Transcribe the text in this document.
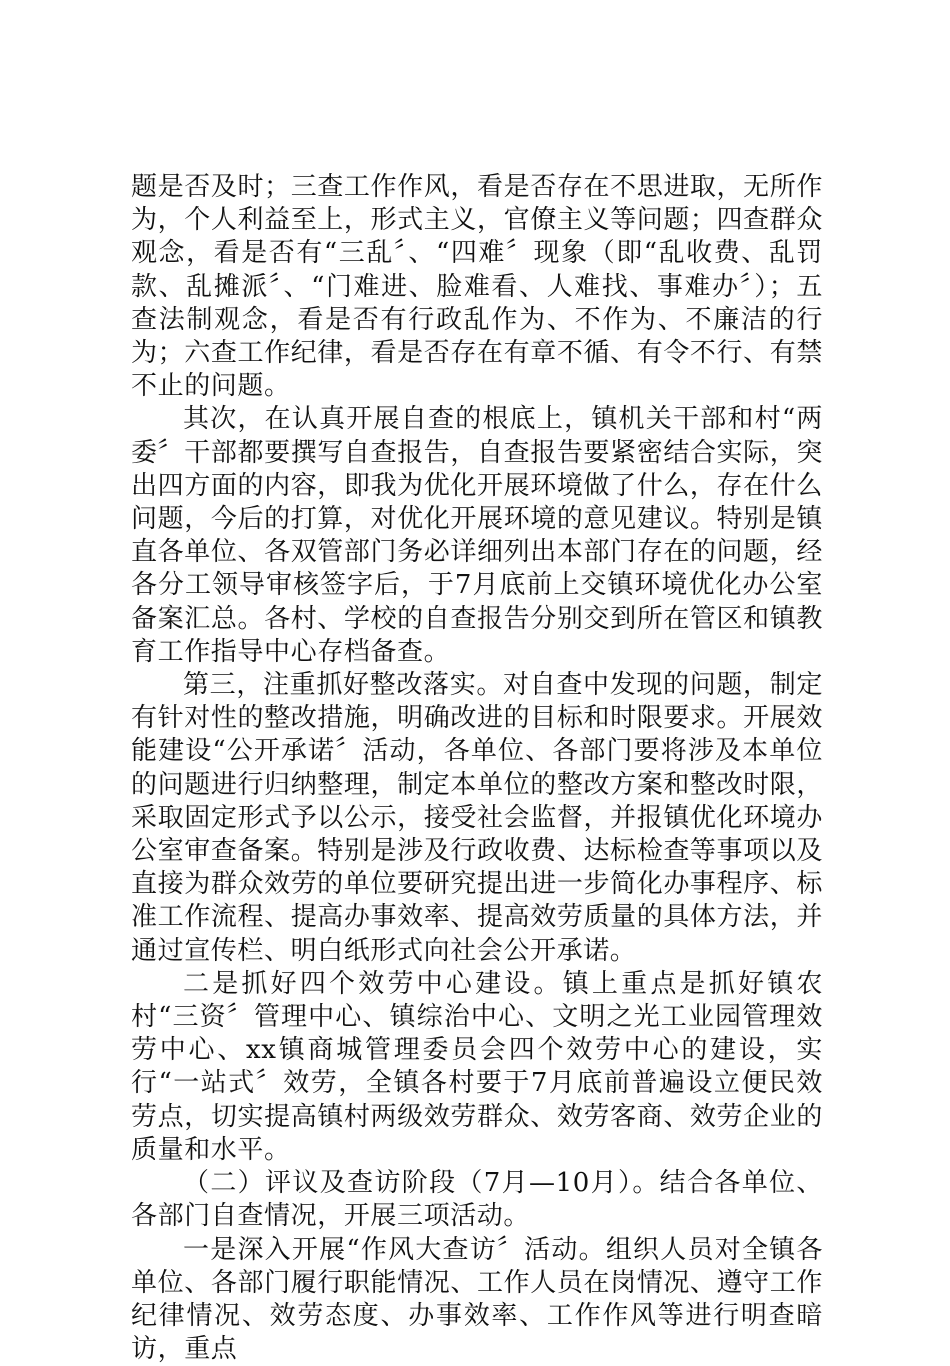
题是否及时；三查工作作风，看是否存在不思进取，无所作为，个人利益至上，形式主义，官僚主义等问题；四查群众观念，看是否有“三乱〞、“四难〞现象（即“乱收费、乱罚款、乱摊派〞、“门难进、脸难看、人难找、事难办〞）；五查法制观念，看是否有行政乱作为、不作为、不廉洁的行为；六查工作纪律，看是否存在有章不循、有令不行、有禁不止的问题。

其次，在认真开展自查的根底上，镇机关干部和村“两委〞干部都要撰写自查报告，自查报告要紧密结合实际，突出四方面的内容，即我为优化开展环境做了什么，存在什么问题，今后的打算，对优化开展环境的意见建议。特别是镇直各单位、各双管部门务必详细列出本部门存在的问题，经各分工领导审核签字后，于7月底前上交镇环境优化办公室备案汇总。各村、学校的自查报告分别交到所在管区和镇教育工作指导中心存档备查。

第三，注重抓好整改落实。对自查中发现的问题，制定有针对性的整改措施，明确改进的目标和时限要求。开展效能建设“公开承诺〞活动，各单位、各部门要将涉及本单位的问题进行归纳整理，制定本单位的整改方案和整改时限，采取固定形式予以公示，接受社会监督，并报镇优化环境办公室审查备案。特别是涉及行政收费、达标检查等事项以及直接为群众效劳的单位要研究提出进一步简化办事程序、标准工作流程、提高办事效率、提高效劳质量的具体方法，并通过宣传栏、明白纸形式向社会公开承诺。

二是抓好四个效劳中心建设。镇上重点是抓好镇农村“三资〞管理中心、镇综治中心、文明之光工业园管理效劳中心、xx镇商城管理委员会四个效劳中心的建设，实行“一站式〞效劳，全镇各村要于7月底前普遍设立便民效劳点，切实提高镇村两级效劳群众、效劳客商、效劳企业的质量和水平。

（二）评议及查访阶段（7月—10月）。结合各单位、各部门自查情况，开展三项活动。

一是深入开展“作风大查访〞活动。组织人员对全镇各单位、各部门履行职能情况、工作人员在岗情况、遵守工作纪律情况、效劳态度、办事效率、工作作风等进行明查暗访，重点
